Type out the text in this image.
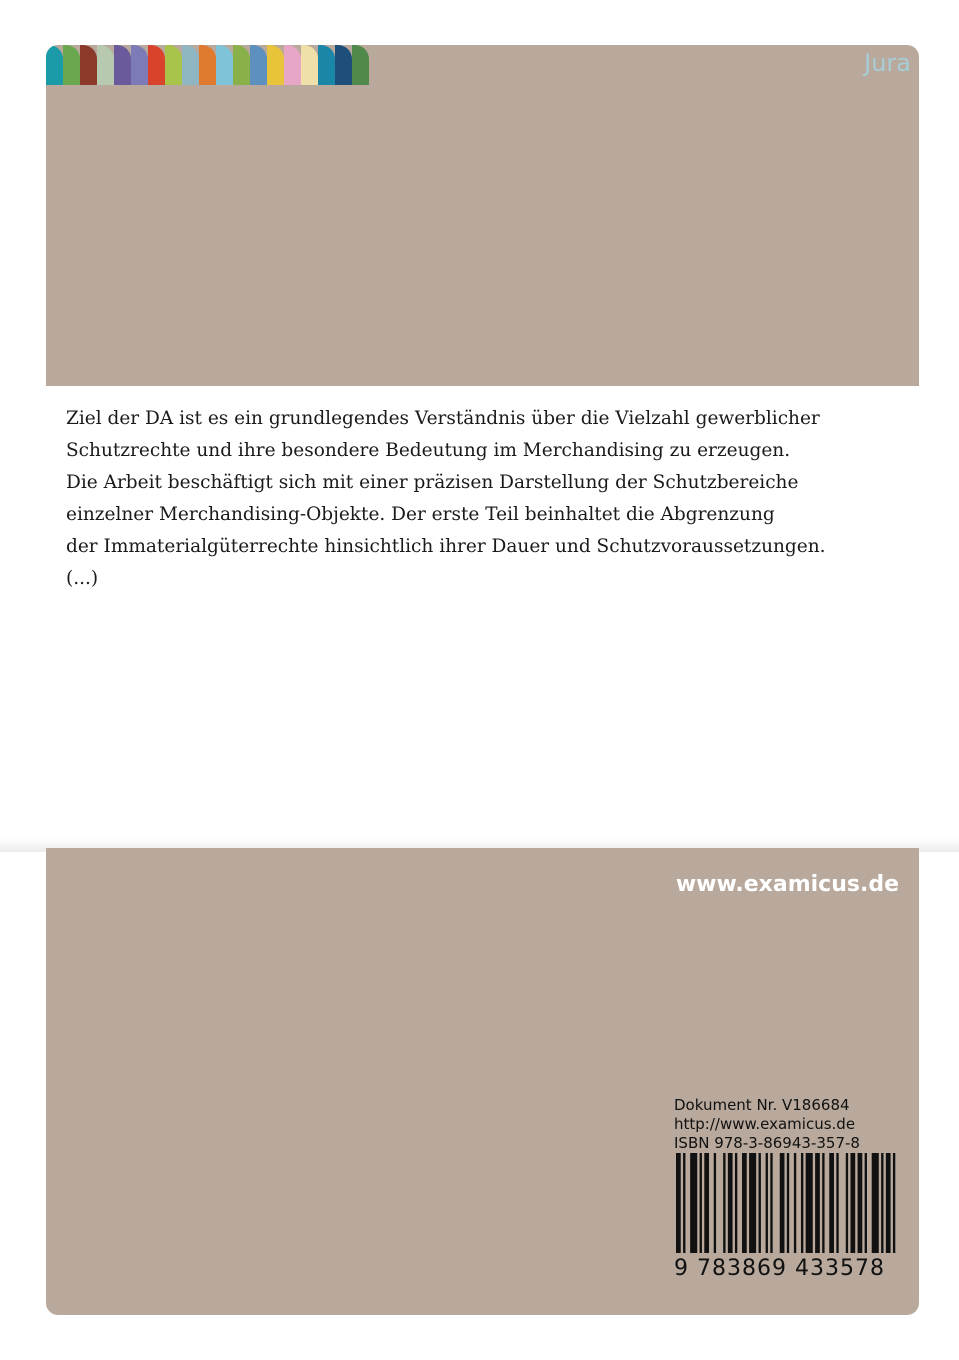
Jura
Ziel der DA ist es ein grundlegendes Verständnis über die Vielzahl gewerblicher
Schutzrechte und ihre besondere Bedeutung im Merchandising zu erzeugen.
Die Arbeit beschäftigt sich mit einer präzisen Darstellung der Schutzbereiche
einzelner Merchandising-Objekte. Der erste Teil beinhaltet die Abgrenzung
der Immaterialgüterrechte hinsichtlich ihrer Dauer und Schutzvoraussetzungen.
(...)
www.examicus.de
Dokument Nr. V186684
http://www.examicus.de
ISBN 978-3-86943-357-8
9 783869 433578
